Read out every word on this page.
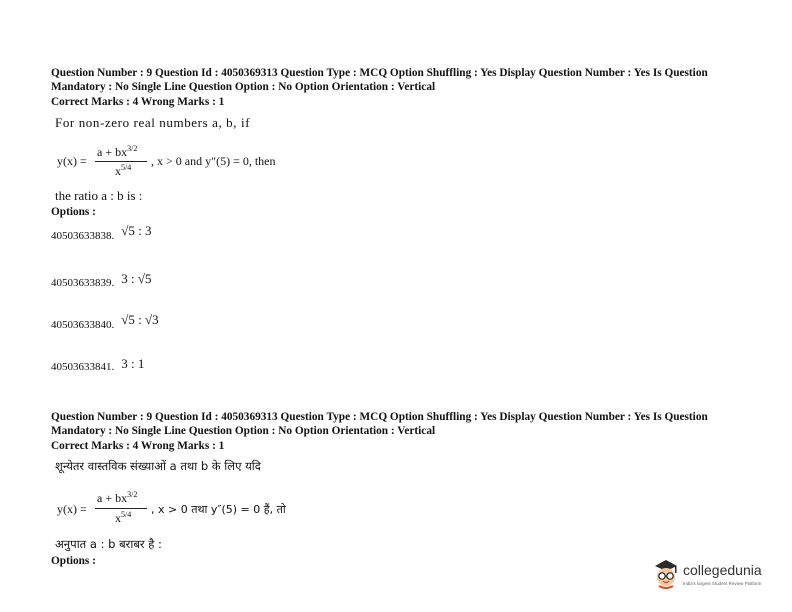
Question Number : 9 Question Id : 4050369313 Question Type : MCQ Option Shuffling : Yes Display Question Number : Yes Is Question
Mandatory : No Single Line Question Option : No Option Orientation : Vertical
Correct Marks : 4 Wrong Marks : 1
For non-zero real numbers a, b, if
y(x) =
$a + bx^{3/2}$
$x^{5/4}$ , x > 0 and y″(5) = 0, then
the ratio a : b is :
Options :
40503633838. $^{√5 : 3}$
40503633839. 3 : √5
40503633840. $^{√5 : √3}$
40503633841. 3 : 1
Question Number : 9 Question Id : 4050369313 Question Type : MCQ Option Shuffling : Yes Display Question Number : Yes Is Question
Mandatory : No Single Line Question Option : No Option Orientation : Vertical
Correct Marks : 4 Wrong Marks : 1
शून्येतर वास्तविक संख्याओं a तथा b के लिए यदि
y(x) =
$a + bx^{3/2}$
$x^{5/4}$ , x > 0 तथा y″(5) = 0 हैं, तो
अनुपात a : b बराबर है :
Options :
collegedunia
India's largest Student Review Platform
